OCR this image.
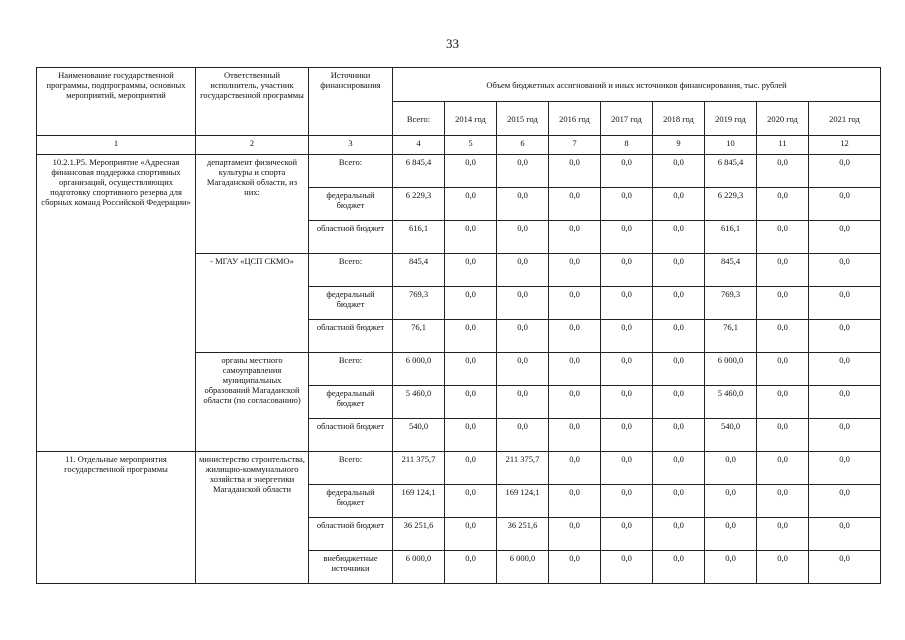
33
Наименование государственной программы, подпрограммы, основных мероприятий, мероприятий	Ответственный исполнитель, участник государственной программы	Источники финансирования	Объем бюджетных ассигнований и иных источников финансирования, тыс. рублей								
			Всего:	2014 год	2015 год	2016 год	2017 год	2018 год	2019 год	2020 год	2021 год
1	2	3	4	5	6	7	8	9	10	11	12
10.2.1.P5. Мероприятие «Адресная финансовая поддержка спортивных организаций, осуществляющих подготовку спортивного резерва для сборных команд Российской Федерации»	департамент физической культуры и спорта Магаданской области, из них:	Всего:	6 845,4	0,0	0,0	0,0	0,0	0,0	6 845,4	0,0	0,0
		федеральный бюджет	6 229,3	0,0	0,0	0,0	0,0	0,0	6 229,3	0,0	0,0
		областной бюджет	616,1	0,0	0,0	0,0	0,0	0,0	616,1	0,0	0,0
	- МГАУ «ЦСП СКМО»	Всего:	845,4	0,0	0,0	0,0	0,0	0,0	845,4	0,0	0,0
		федеральный бюджет	769,3	0,0	0,0	0,0	0,0	0,0	769,3	0,0	0,0
		областной бюджет	76,1	0,0	0,0	0,0	0,0	0,0	76,1	0,0	0,0
	органы местного самоуправления муниципальных образований Магаданской области (по согласованию)	Всего:	6 000,0	0,0	0,0	0,0	0,0	0,0	6 000,0	0,0	0,0
		федеральный бюджет	5 460,0	0,0	0,0	0,0	0,0	0,0	5 460,0	0,0	0,0
		областной бюджет	540,0	0,0	0,0	0,0	0,0	0,0	540,0	0,0	0,0
11. Отдельные мероприятия государственной программы	министерство строительства, жилищно-коммунального хозяйства и энергетики Магаданской области	Всего:	211 375,7	0,0	211 375,7	0,0	0,0	0,0	0,0	0,0	0,0
		федеральный бюджет	169 124,1	0,0	169 124,1	0,0	0,0	0,0	0,0	0,0	0,0
		областной бюджет	36 251,6	0,0	36 251,6	0,0	0,0	0,0	0,0	0,0	0,0
		внебюджетные источники	6 000,0	0,0	6 000,0	0,0	0,0	0,0	0,0	0,0	0,0
